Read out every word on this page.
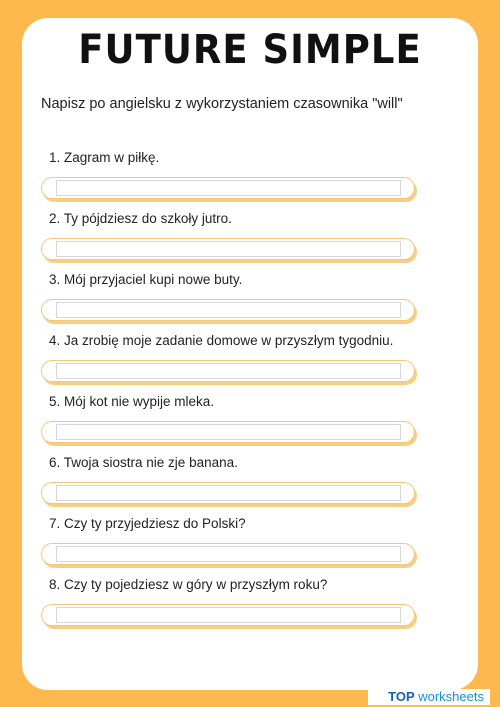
FUTURE SIMPLE
Napisz po angielsku z wykorzystaniem czasownika "will"
1. Zagram w piłkę.
2. Ty pójdziesz do szkoły jutro.
3. Mój przyjaciel kupi nowe buty.
4. Ja zrobię moje zadanie domowe w przyszłym tygodniu.
5. Mój kot nie wypije mleka.
6. Twoja siostra nie zje banana.
7. Czy ty przyjedziesz do Polski?
8. Czy ty pojedziesz w góry w przyszłym roku?
TOP worksheets
